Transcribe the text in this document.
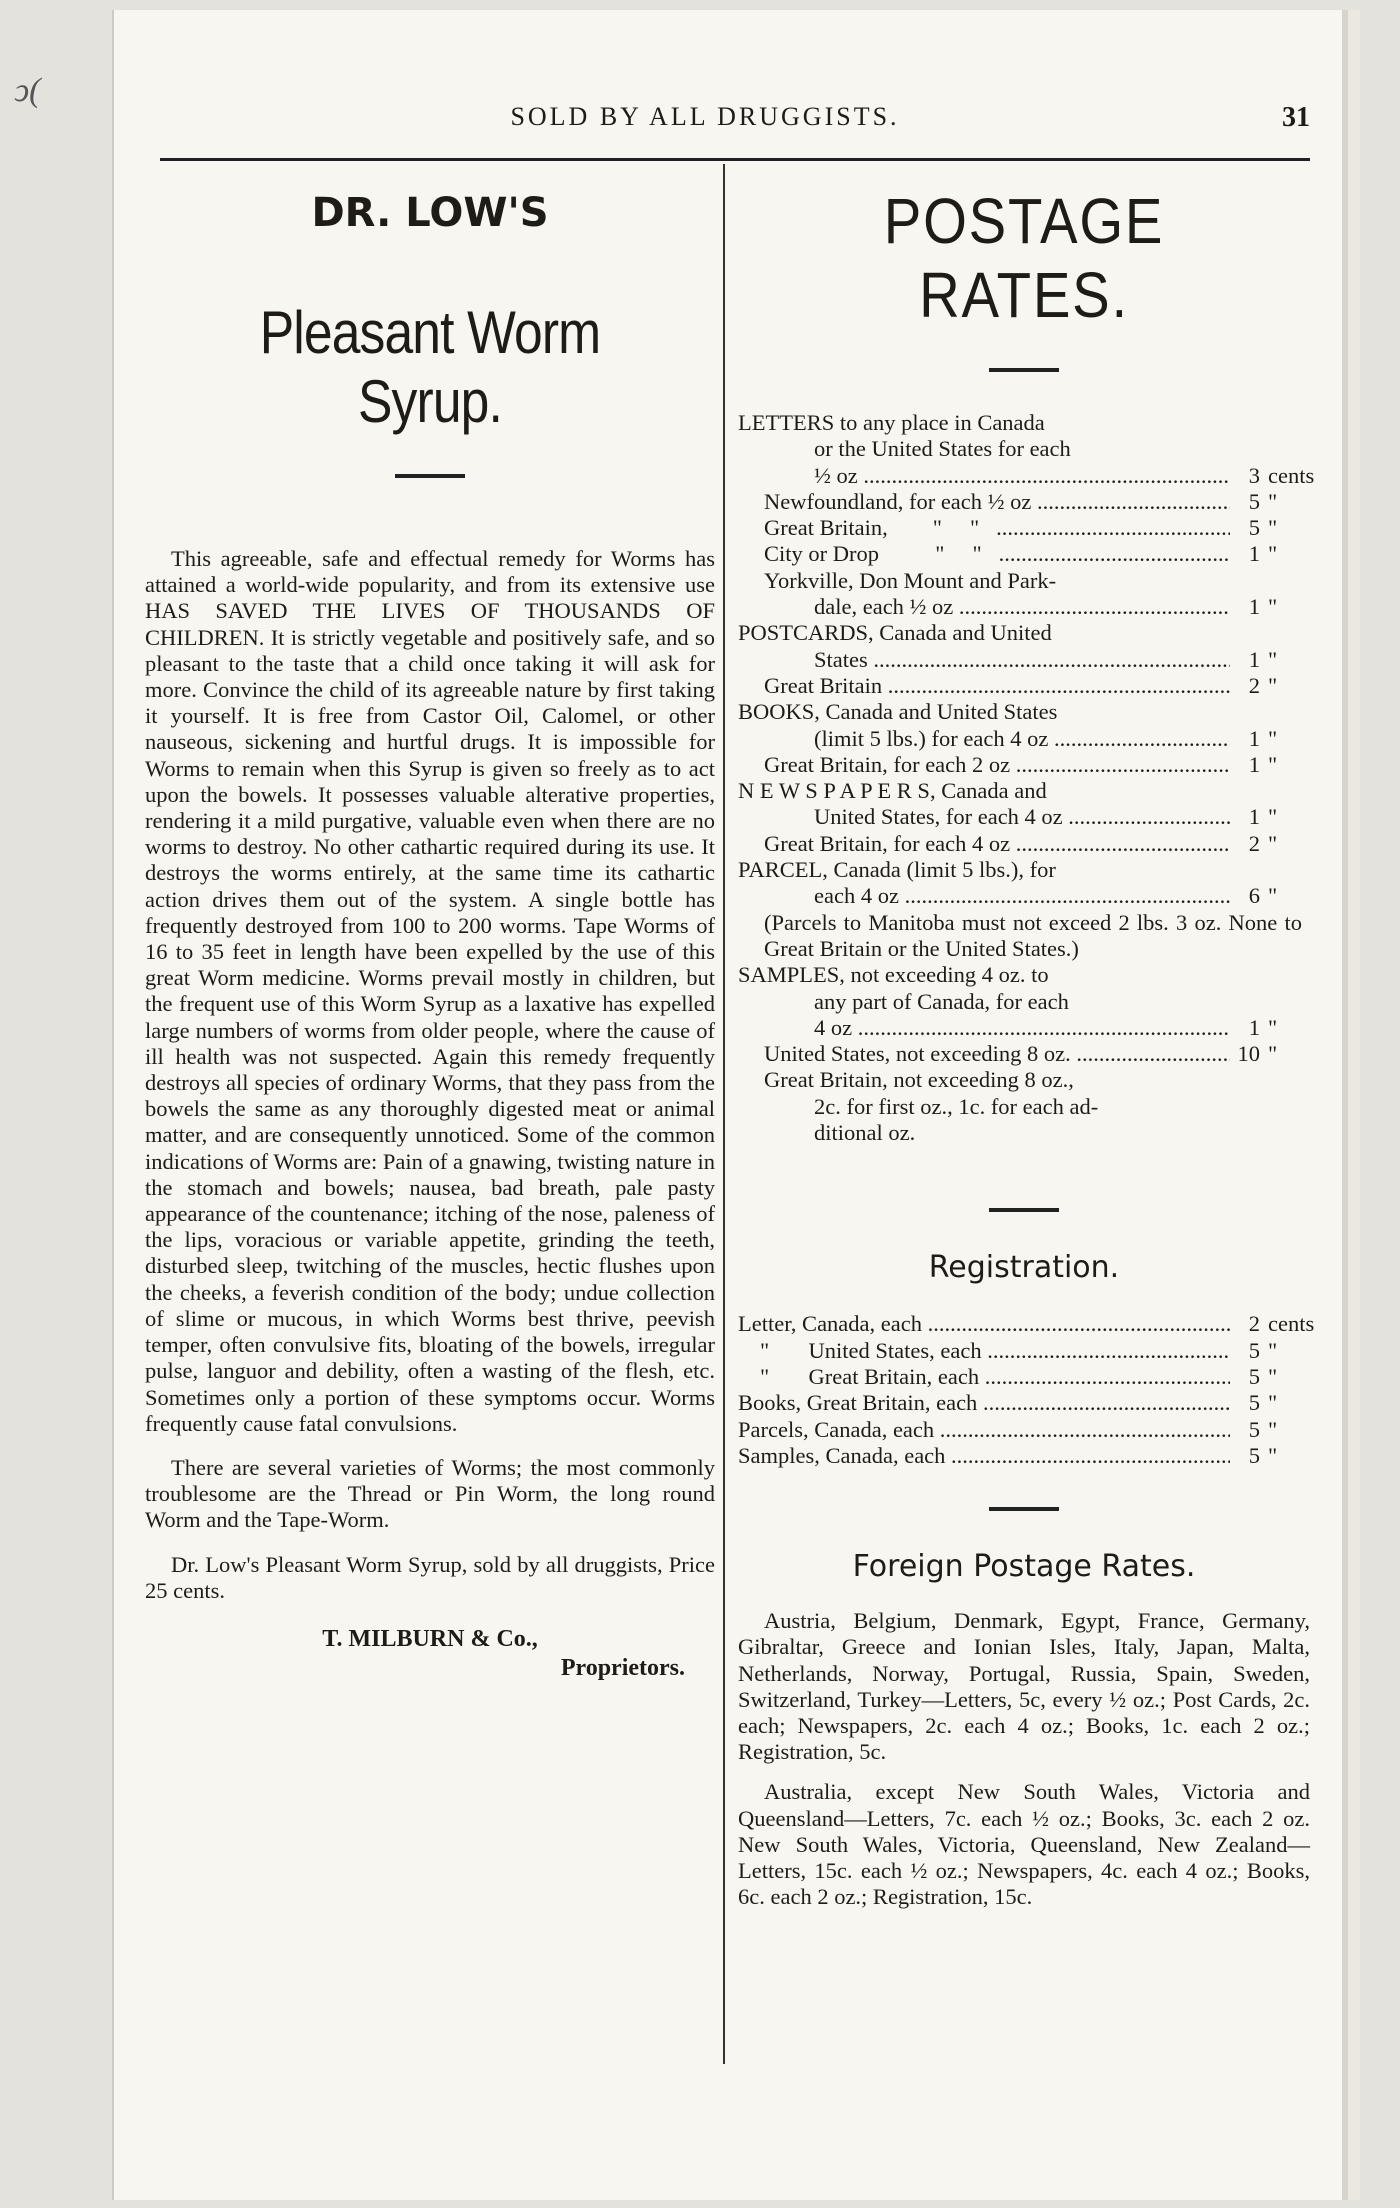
ͻ(
SOLD BY ALL DRUGGISTS.	31
DR. LOW'S
Pleasant Worm Syrup.

This agreeable, safe and effectual remedy for Worms has attained a world-wide popularity, and from its extensive use HAS SAVED THE LIVES OF THOUSANDS OF CHILDREN. It is strictly vegetable and positively safe, and so pleasant to the taste that a child once taking it will ask for more. Convince the child of its agreeable nature by first taking it yourself. It is free from Castor Oil, Calomel, or other nauseous, sickening and hurtful drugs. It is impossible for Worms to remain when this Syrup is given so freely as to act upon the bowels. It possesses valuable alterative properties, rendering it a mild purgative, valuable even when there are no worms to destroy. No other cathartic required during its use. It destroys the worms entirely, at the same time its cathartic action drives them out of the system. A single bottle has frequently destroyed from 100 to 200 worms. Tape Worms of 16 to 35 feet in length have been expelled by the use of this great Worm medicine. Worms prevail mostly in children, but the frequent use of this Worm Syrup as a laxative has expelled large numbers of worms from older people, where the cause of ill health was not suspected. Again this remedy frequently destroys all species of ordinary Worms, that they pass from the bowels the same as any thoroughly digested meat or animal matter, and are consequently unnoticed. Some of the common indications of Worms are: Pain of a gnawing, twisting nature in the stomach and bowels; nausea, bad breath, pale pasty appearance of the countenance; itching of the nose, paleness of the lips, voracious or variable appetite, grinding the teeth, disturbed sleep, twitching of the muscles, hectic flushes upon the cheeks, a feverish condition of the body; undue collection of slime or mucous, in which Worms best thrive, peevish temper, often convulsive fits, bloating of the bowels, irregular pulse, languor and debility, often a wasting of the flesh, etc. Sometimes only a portion of these symptoms occur. Worms frequently cause fatal convulsions.

There are several varieties of Worms; the most commonly troublesome are the Thread or Pin Worm, the long round Worm and the Tape-Worm.

Dr. Low's Pleasant Worm Syrup, sold by all druggists, Price 25 cents.

T. MILBURN & Co.,
Proprietors.
POSTAGE RATES.
LETTERS to any place in Canada
or the United States for each
½ oz .....	3 cents
Newfoundland, for each ½ oz .....	5 "
Great Britain,        "     "   .....	5 "
City or Drop          "     "   .....	1 "
Yorkville, Don Mount and Park-
dale, each ½ oz .....	1 "
POSTCARDS, Canada and United
States .....	1 "
Great Britain .....	2 "
BOOKS, Canada and United States
(limit 5 lbs.) for each 4 oz .....	1 "
Great Britain, for each 2 oz .....	1 "
N E W S P A P E R S, Canada and
United States, for each 4 oz .....	1 "
Great Britain, for each 4 oz .....	2 "
PARCEL, Canada (limit 5 lbs.), for
each 4 oz .....	6 "
(Parcels to Manitoba must not exceed 2 lbs. 3 oz. None to Great Britain or the United States.)
SAMPLES, not exceeding 4 oz. to
any part of Canada, for each
4 oz .....	1 "
United States, not exceeding 8 oz. .....	10 "
Great Britain, not exceeding 8 oz.,
2c. for first oz., 1c. for each ad-
ditional oz.
Registration.
Letter, Canada, each .....	2 cents
"       United States, each .....	5 "
"       Great Britain, each .....	5 "
Books, Great Britain, each .....	5 "
Parcels, Canada, each .....	5 "
Samples, Canada, each .....	5 "
Foreign Postage Rates.

Austria, Belgium, Denmark, Egypt, France, Germany, Gibraltar, Greece and Ionian Isles, Italy, Japan, Malta, Netherlands, Norway, Portugal, Russia, Spain, Sweden, Switzerland, Turkey—Letters, 5c, every ½ oz.; Post Cards, 2c. each; Newspapers, 2c. each 4 oz.; Books, 1c. each 2 oz.; Registration, 5c.

Australia, except New South Wales, Victoria and Queensland—Letters, 7c. each ½ oz.; Books, 3c. each 2 oz. New South Wales, Victoria, Queensland, New Zealand—Letters, 15c. each ½ oz.; Newspapers, 4c. each 4 oz.; Books, 6c. each 2 oz.; Registration, 15c.
